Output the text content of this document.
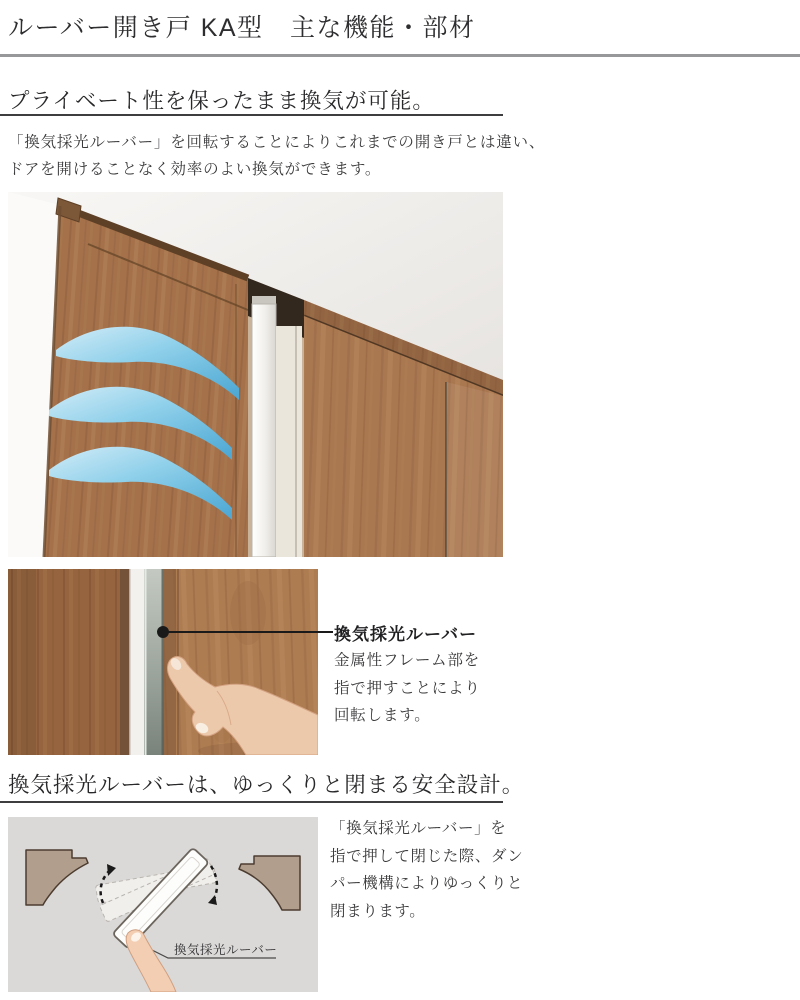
ルーバー開き戸 KA型　主な機能・部材
プライベート性を保ったまま換気が可能。
「換気採光ルーバー」を回転することによりこれまでの開き戸とは違い、
ドアを開けることなく効率のよい換気ができます。
換気採光ルーバー
金属性フレーム部を
指で押すことにより
回転します。
換気採光ルーバーは、ゆっくりと閉まる安全設計。
換気採光ルーバー
「換気採光ルーバー」を
指で押して閉じた際、ダン
パー機構によりゆっくりと
閉まります。
